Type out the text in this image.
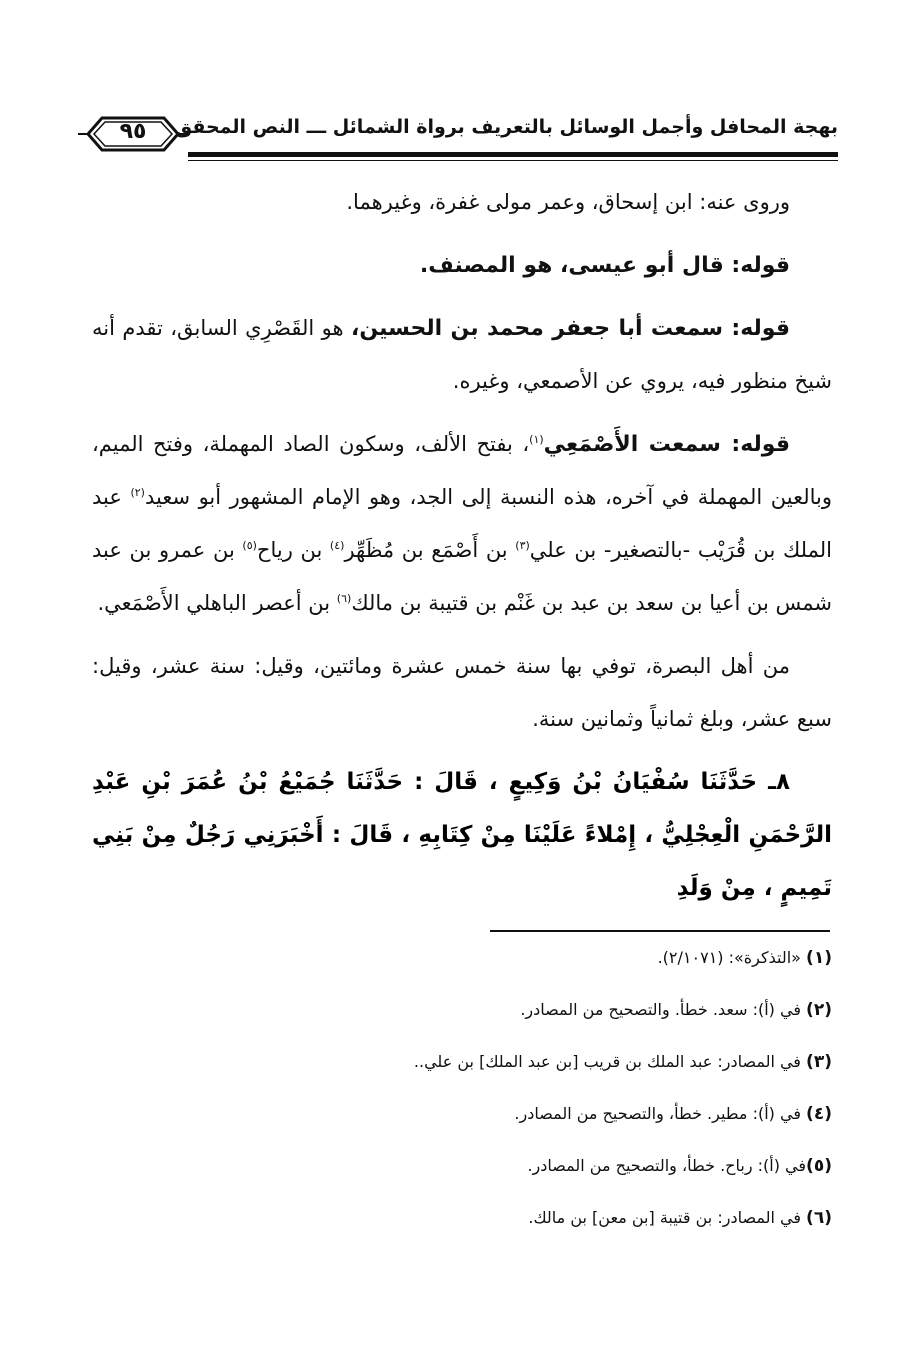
٩٥	بهجة المحافل وأجمل الوسائل بالتعريف برواة الشمائل ـــ النص المحقق

وروى عنه: ابن إسحاق، وعمر مولى غفرة، وغيرهما.

قوله: قال أبو عيسى، هو المصنف.

قوله: سمعت أبا جعفر محمد بن الحسين، هو القَصْرِي السابق، تقدم أنه شيخ منظور فيه، يروي عن الأصمعي، وغيره.

قوله: سمعت الأَصْمَعِي$^{(١)}$، بفتح الألف، وسكون الصاد المهملة، وفتح الميم، وبالعين المهملة في آخره، هذه النسبة إلى الجد، وهو الإمام المشهور أبو سعيد$^{(٢)}$ عبد الملك بن قُرَيْب -بالتصغير- بن علي$^{(٣)}$ بن أَصْمَع بن مُظَهِّر$^{(٤)}$ بن رياح$^{(٥)}$ بن عمرو بن عبد شمس بن أعيا بن سعد بن عبد بن غَنْم بن قتيبة بن مالك$^{(٦)}$ بن أعصر الباهلي الأَصْمَعي.

من أهل البصرة، توفي بها سنة خمس عشرة ومائتين، وقيل: سنة عشر، وقيل: سبع عشر، وبلغ ثمانياً وثمانين سنة.

٨ـ حَدَّثَنَا سُفْيَانُ بْنُ وَكِيعٍ ، قَالَ : حَدَّثَنَا جُمَيْعُ بْنُ عُمَرَ بْنِ عَبْدِ الرَّحْمَنِ الْعِجْلِيُّ ، إِمْلاءً عَلَيْنَا مِنْ كِتَابِهِ ، قَالَ : أَخْبَرَنِي رَجُلٌ مِنْ بَنِي تَمِيمٍ ، مِنْ وَلَدِ

(١) «التذكرة»: (٢/١٠٧١).
(٢) في (أ): سعد. خطأ. والتصحيح من المصادر.
(٣) في المصادر: عبد الملك بن قريب [بن عبد الملك] بن علي..
(٤) في (أ): مطير. خطأ، والتصحيح من المصادر.
(٥)في (أ): رباح. خطأ، والتصحيح من المصادر.
(٦) في المصادر: بن قتيبة [بن معن] بن مالك.
